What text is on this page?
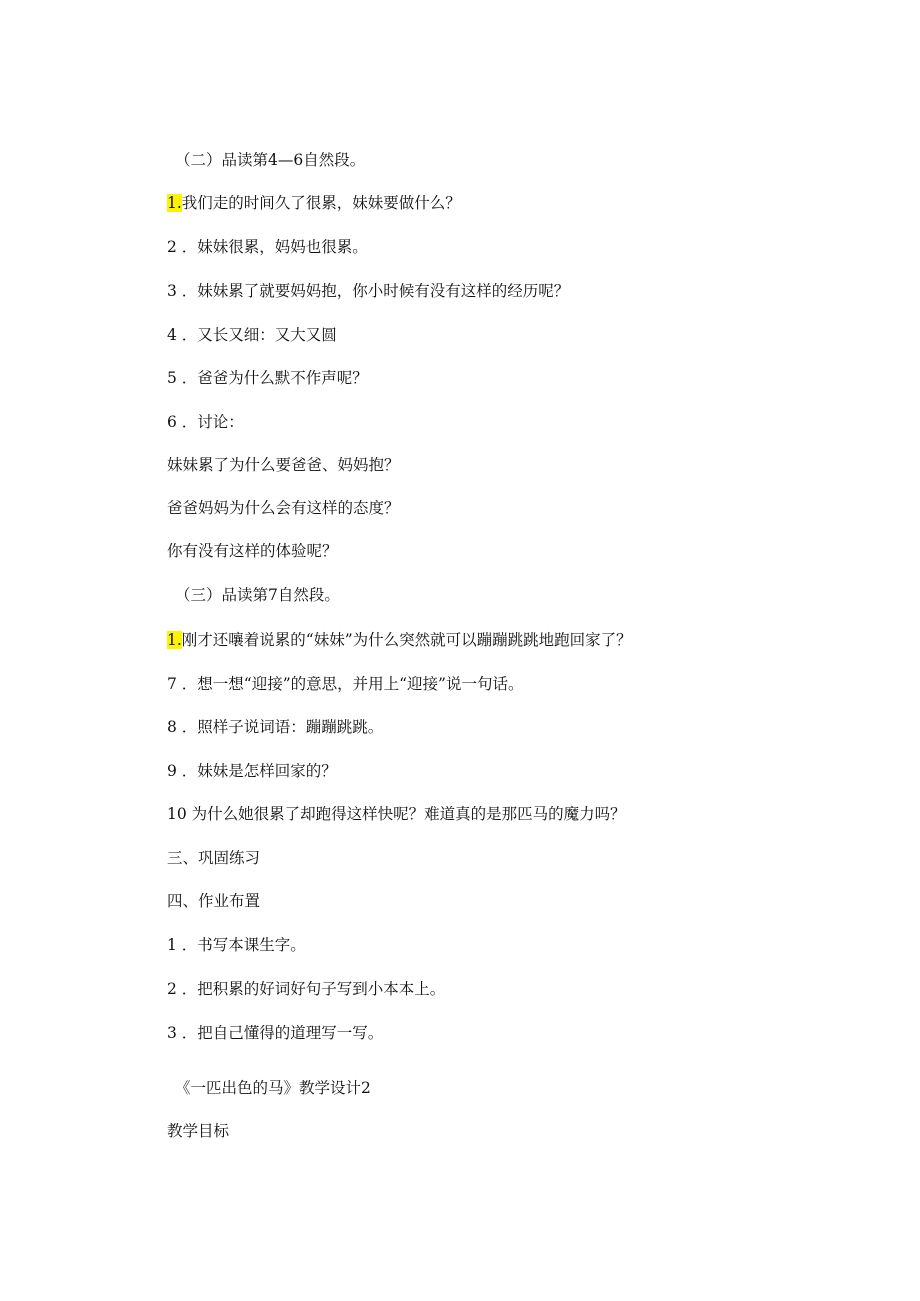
（二）品读第4—6自然段。
1.我们走的时间久了很累，妹妹要做什么？
2 ．妹妹很累，妈妈也很累。
3 ．妹妹累了就要妈妈抱，你小时候有没有这样的经历呢？
4 ．又长又细：又大又圆
5 ．爸爸为什么默不作声呢？
6 ．讨论：
妹妹累了为什么要爸爸、妈妈抱？
爸爸妈妈为什么会有这样的态度？
你有没有这样的体验呢？
（三）品读第7自然段。
1.刚才还嚷着说累的“妹妹”为什么突然就可以蹦蹦跳跳地跑回家了？
7 ．想一想“迎接”的意思，并用上“迎接”说一句话。
8 ．照样子说词语：蹦蹦跳跳。
9 ．妹妹是怎样回家的？
10 为什么她很累了却跑得这样快呢？难道真的是那匹马的魔力吗？
三、巩固练习
四、作业布置
1 ．书写本课生字。
2 ．把积累的好词好句子写到小本本上。
3 ．把自己懂得的道理写一写。
《一匹出色的马》教学设计2
教学目标
